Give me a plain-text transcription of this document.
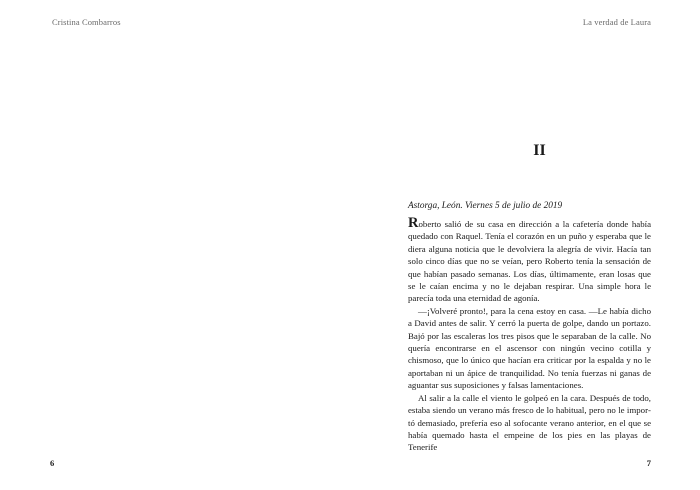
Cristina Combarros
6
La verdad de Laura
II
Astorga, León. Viernes 5 de julio de 2019

Roberto salió de su casa en dirección a la cafetería donde había quedado con Raquel. Tenía el corazón en un puño y esperaba que le diera alguna noticia que le devolviera la alegría de vivir. Hacía tan solo cinco días que no se veían, pero Roberto tenía la sensación de que habían pasado semanas. Los días, últimamente, eran losas que se le caían encima y no le dejaban respirar. Una simple hora le parecía toda una eternidad de agonía.

—¡Volveré pronto!, para la cena estoy en casa. —Le había dicho a David antes de salir. Y cerró la puerta de golpe, dando un portazo. Bajó por las escaleras los tres pisos que le separaban de la calle. No quería encontrarse en el ascensor con ningún vecino cotilla y chismoso, que lo único que hacían era criticar por la espalda y no le aportaban ni un ápice de tranquilidad. No tenía fuerzas ni ganas de aguantar sus suposiciones y falsas lamentaciones.

Al salir a la calle el viento le golpeó en la cara. Después de todo, estaba siendo un verano más fresco de lo habitual, pero no le importó demasiado, prefería eso al sofocante verano anterior, en el que se había quemado hasta el empeine de los pies en las playas de Tenerife

7
